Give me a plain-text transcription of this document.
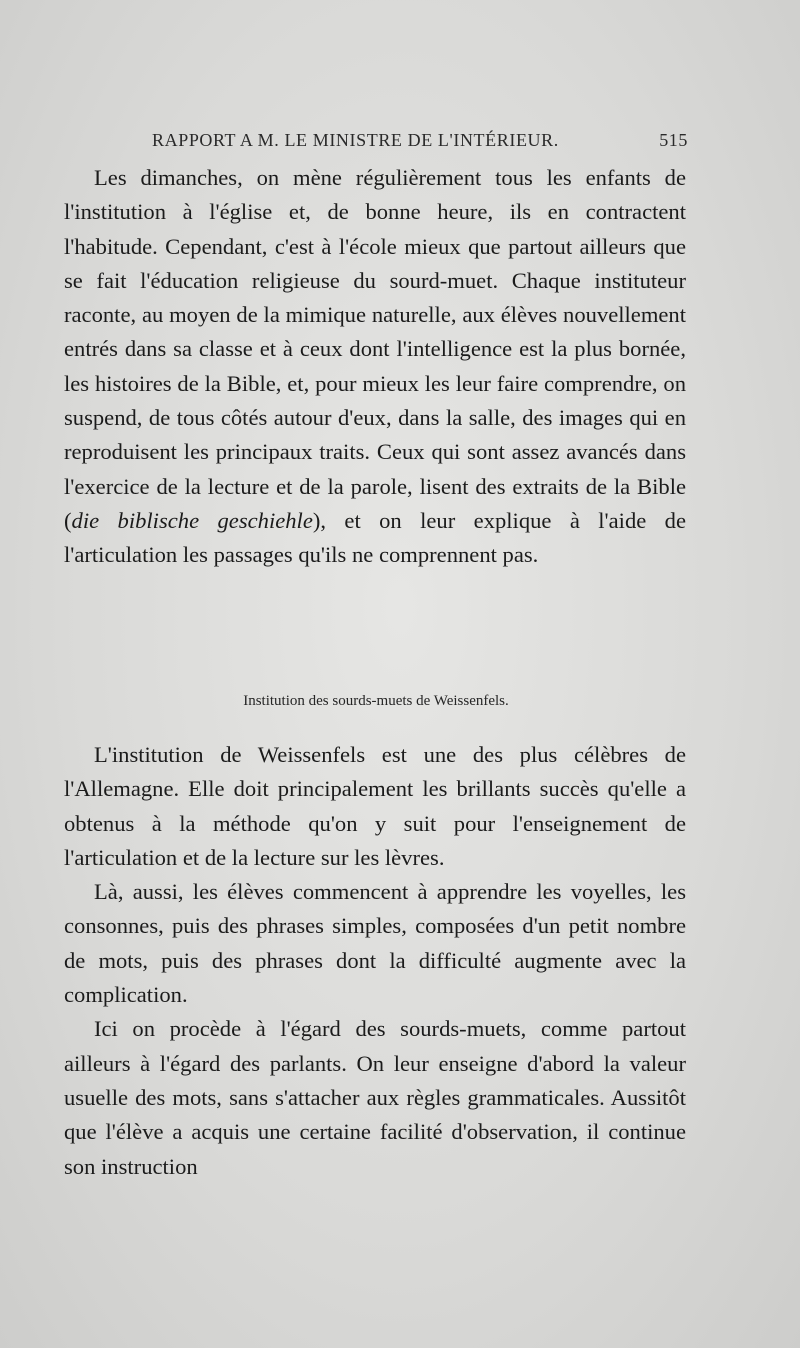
RAPPORT A M. LE MINISTRE DE L'INTÉRIEUR.	515
Les dimanches, on mène régulièrement tous les enfants de l'institution à l'église et, de bonne heure, ils en contractent l'habitude. Cependant, c'est à l'école mieux que partout ailleurs que se fait l'éducation religieuse du sourd-muet. Chaque instituteur raconte, au moyen de la mimique naturelle, aux élèves nouvellement entrés dans sa classe et à ceux dont l'intelligence est la plus bornée, les histoires de la Bible, et, pour mieux les leur faire comprendre, on suspend, de tous côtés autour d'eux, dans la salle, des images qui en reproduisent les principaux traits. Ceux qui sont assez avancés dans l'exercice de la lecture et de la parole, lisent des extraits de la Bible (die biblische geschiehle), et on leur explique à l'aide de l'articulation les passages qu'ils ne comprennent pas.
Institution des sourds-muets de Weissenfels.

L'institution de Weissenfels est une des plus célèbres de l'Allemagne. Elle doit principalement les brillants succès qu'elle a obtenus à la méthode qu'on y suit pour l'enseignement de l'articulation et de la lecture sur les lèvres.

Là, aussi, les élèves commencent à apprendre les voyelles, les consonnes, puis des phrases simples, composées d'un petit nombre de mots, puis des phrases dont la difficulté augmente avec la complication.

Ici on procède à l'égard des sourds-muets, comme partout ailleurs à l'égard des parlants. On leur enseigne d'abord la valeur usuelle des mots, sans s'attacher aux règles grammaticales. Aussitôt que l'élève a acquis une certaine facilité d'observation, il continue son instruction
